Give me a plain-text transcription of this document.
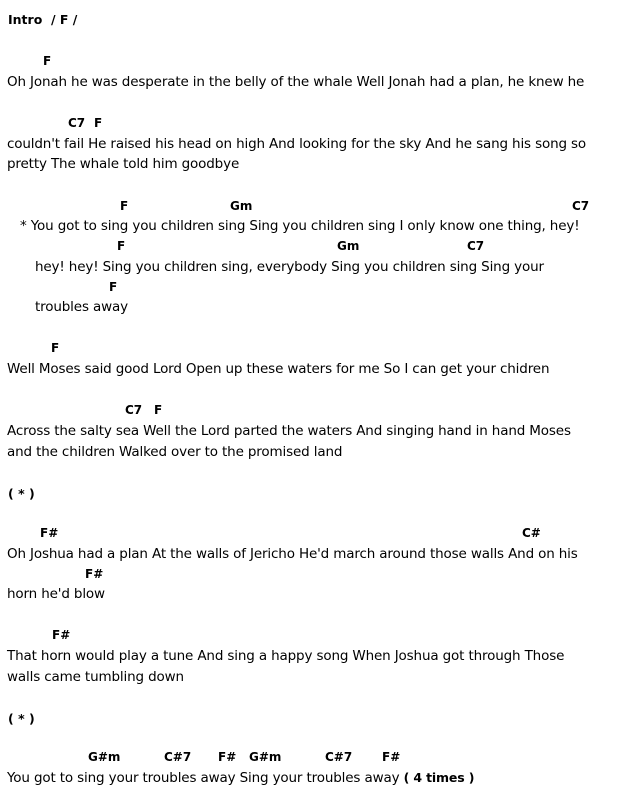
Intro / F /
F
Oh Jonah he was desperate in the belly of the whale Well Jonah had a plan, he knew he
C7 F
couldn't fail He raised his head on high And looking for the sky And he sang his song so
pretty The whale told him goodbye
F	Gm	C7
* You got to sing you children sing Sing you children sing I only know one thing, hey!
F	Gm	C7
hey! hey! Sing you children sing, everybody Sing you children sing Sing your
F
troubles away
F
Well Moses said good Lord Open up these waters for me So I can get your chidren
C7 F
Across the salty sea Well the Lord parted the waters And singing hand in hand Moses
and the children Walked over to the promised land
( * )
F#	C#
Oh Joshua had a plan At the walls of Jericho He'd march around those walls And on his
F#
horn he'd blow
F#
That horn would play a tune And sing a happy song When Joshua got through Those
walls came tumbling down
( * )
G#m	C#7 F# G#m	C#7 F#
You got to sing your troubles away Sing your troubles away ( 4 times )
